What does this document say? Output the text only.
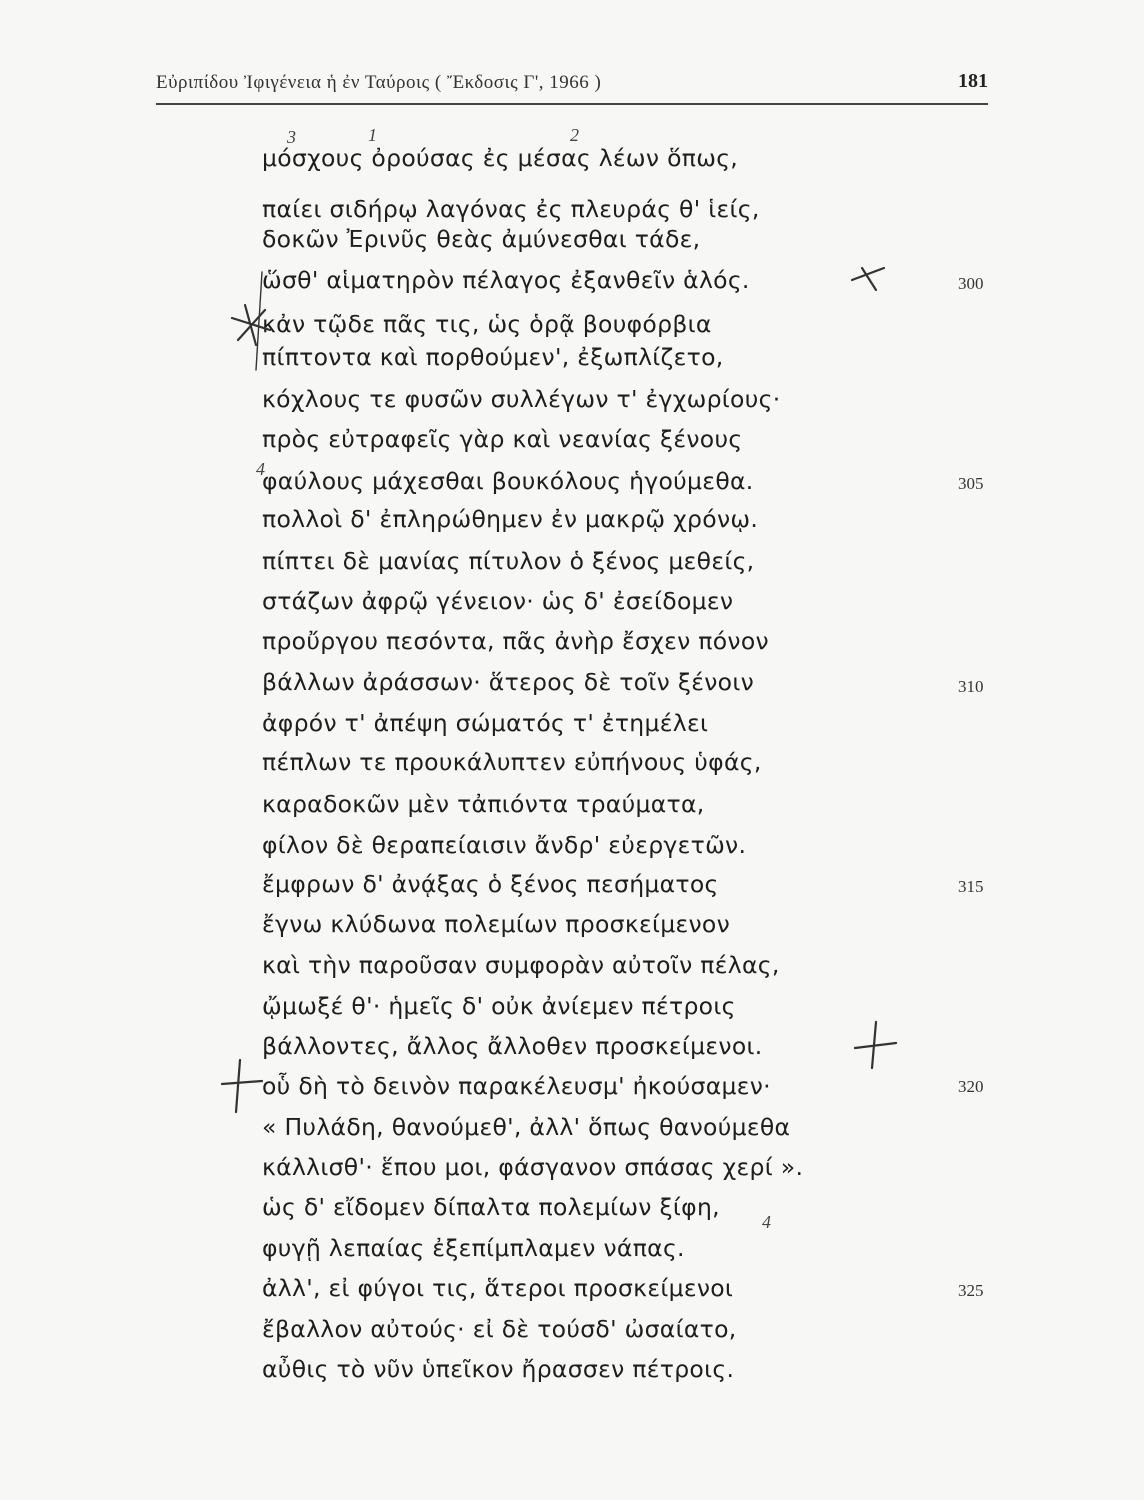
Εὐριπίδου Ἰφιγένεια ἡ ἐν Ταύροις ( Ἔκδοσις Γ', 1966 )	181
μόσχους ὀρούσας ἐς μέσας λέων ὅπως,
παίει σιδήρῳ λαγόνας ἐς πλευράς θ' ἱείς,
δοκῶν Ἐρινῦς θεὰς ἀμύνεσθαι τάδε,
ὥσθ' αἱματηρὸν πέλαγος ἐξανθεῖν ἁλός.
κἀν τῷδε πᾶς τις, ὡς ὁρᾷ βουφόρβια
πίπτοντα καὶ πορθούμεν', ἐξωπλίζετο,
κόχλους τε φυσῶν συλλέγων τ' ἐγχωρίους·
πρὸς εὐτραφεῖς γὰρ καὶ νεανίας ξένους
φαύλους μάχεσθαι βουκόλους ἡγούμεθα.
πολλοὶ δ' ἐπληρώθημεν ἐν μακρῷ χρόνῳ.
πίπτει δὲ μανίας πίτυλον ὁ ξένος μεθείς,
στάζων ἀφρῷ γένειον· ὡς δ' ἐσείδομεν
προὔργου πεσόντα, πᾶς ἀνὴρ ἔσχεν πόνον
βάλλων ἀράσσων· ἅτερος δὲ τοῖν ξένοιν
ἀφρόν τ' ἀπέψη σώματός τ' ἐτημέλει
πέπλων τε προυκάλυπτεν εὐπήνους ὑφάς,
καραδοκῶν μὲν τἀπιόντα τραύματα,
φίλον δὲ θεραπείαισιν ἄνδρ' εὐεργετῶν.
ἔμφρων δ' ἀνᾴξας ὁ ξένος πεσήματος
ἔγνω κλύδωνα πολεμίων προσκείμενον
καὶ τὴν παροῦσαν συμφορὰν αὐτοῖν πέλας,
ᾤμωξέ θ'· ἡμεῖς δ' οὐκ ἀνίεμεν πέτροις
βάλλοντες, ἄλλος ἄλλοθεν προσκείμενοι.
οὗ δὴ τὸ δεινὸν παρακέλευσμ' ἠκούσαμεν·
« Πυλάδη, θανούμεθ', ἀλλ' ὅπως θανούμεθα
κάλλισθ'· ἕπου μοι, φάσγανον σπάσας χερί ».
ὡς δ' εἴδομεν δίπαλτα πολεμίων ξίφη,
φυγῇ λεπαίας ἐξεπίμπλαμεν νάπας.
ἀλλ', εἰ φύγοι τις, ἅτεροι προσκείμενοι
ἔβαλλον αὐτούς· εἰ δὲ τούσδ' ὠσαίατο,
αὖθις τὸ νῦν ὑπεῖκον ἤρασσεν πέτροις.
300
305
310
315
320
325
3	1	2
4
4
